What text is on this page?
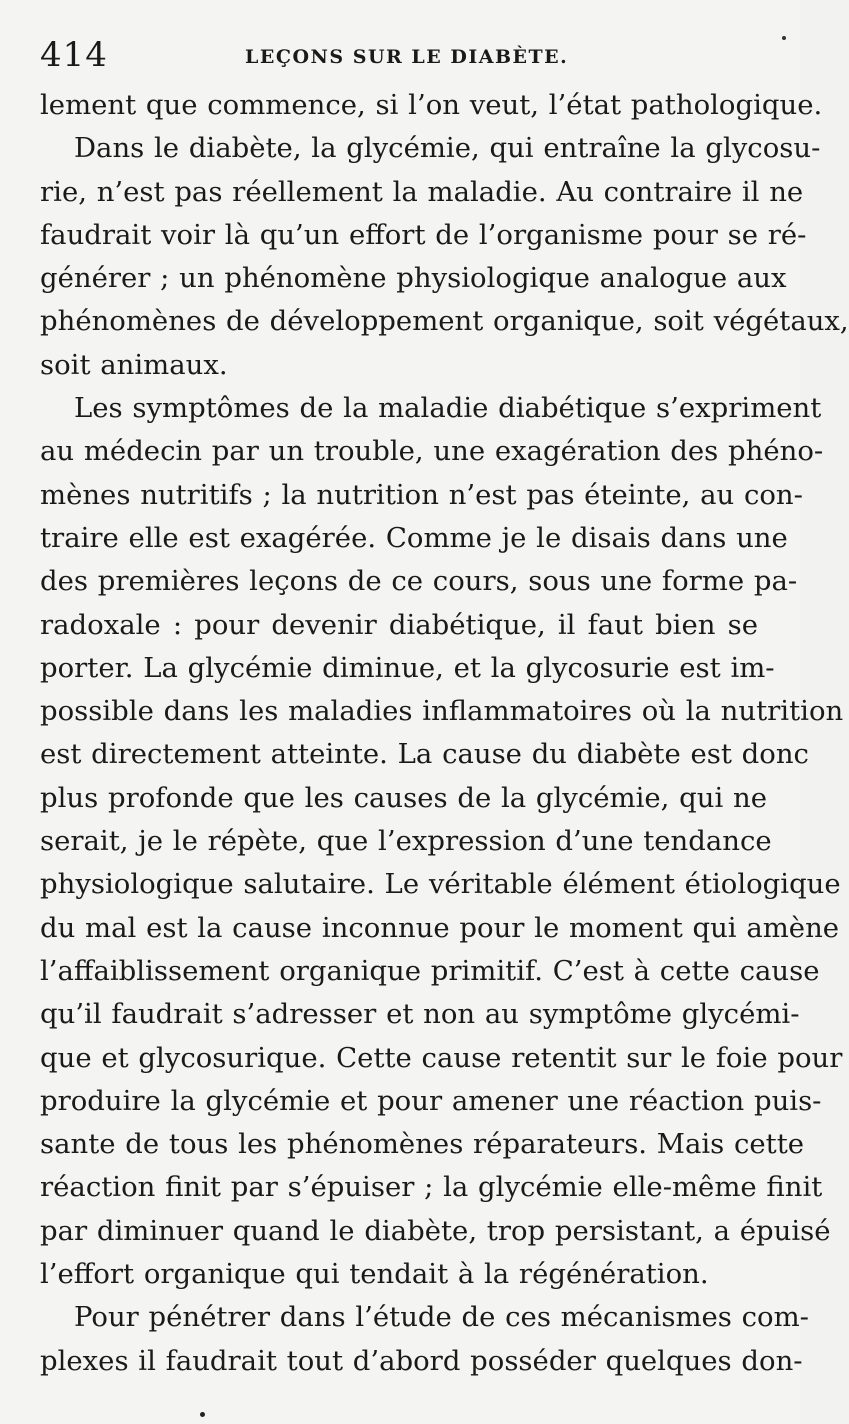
414	LEÇONS SUR LE DIABÈTE.
lement que commence, si l’on veut, l’état pathologique.
Dans le diabète, la glycémie, qui entraîne la glycosu-
rie, n’est pas réellement la maladie. Au contraire il ne
faudrait voir là qu’un effort de l’organisme pour se ré-
générer ; un phénomène physiologique analogue aux
phénomènes de développement organique, soit végétaux,
soit animaux.
Les symptômes de la maladie diabétique s’expriment
au médecin par un trouble, une exagération des phéno-
mènes nutritifs ; la nutrition n’est pas éteinte, au con-
traire elle est exagérée. Comme je le disais dans une
des premières leçons de ce cours, sous une forme pa-
radoxale : pour devenir diabétique, il faut bien se
porter. La glycémie diminue, et la glycosurie est im-
possible dans les maladies inflammatoires où la nutrition
est directement atteinte. La cause du diabète est donc
plus profonde que les causes de la glycémie, qui ne
serait, je le répète, que l’expression d’une tendance
physiologique salutaire. Le véritable élément étiologique
du mal est la cause inconnue pour le moment qui amène
l’affaiblissement organique primitif. C’est à cette cause
qu’il faudrait s’adresser et non au symptôme glycémi-
que et glycosurique. Cette cause retentit sur le foie pour
produire la glycémie et pour amener une réaction puis-
sante de tous les phénomènes réparateurs. Mais cette
réaction finit par s’épuiser ; la glycémie elle-même finit
par diminuer quand le diabète, trop persistant, a épuisé
l’effort organique qui tendait à la régénération.
Pour pénétrer dans l’étude de ces mécanismes com-
plexes il faudrait tout d’abord posséder quelques don-
